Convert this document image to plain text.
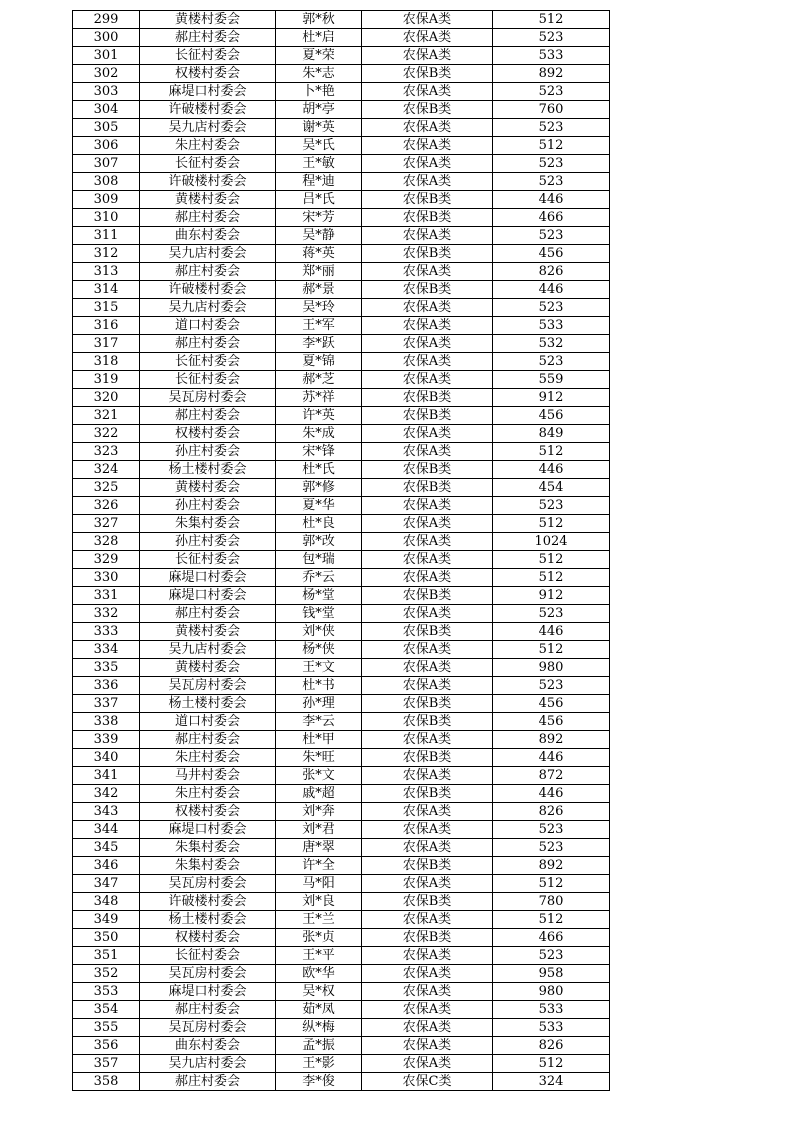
299	黄楼村委会	郭*秋	农保A类	512
300	郝庄村委会	杜*启	农保A类	523
301	长征村委会	夏*荣	农保A类	533
302	权楼村委会	朱*志	农保B类	892
303	麻堤口村委会	卜*艳	农保A类	523
304	许破楼村委会	胡*亭	农保B类	760
305	吴九店村委会	谢*英	农保A类	523
306	朱庄村委会	吴*氏	农保A类	512
307	长征村委会	王*敏	农保A类	523
308	许破楼村委会	程*迪	农保A类	523
309	黄楼村委会	吕*氏	农保B类	446
310	郝庄村委会	宋*芳	农保B类	466
311	曲东村委会	吴*静	农保A类	523
312	吴九店村委会	蒋*英	农保B类	456
313	郝庄村委会	郑*丽	农保A类	826
314	许破楼村委会	郝*景	农保B类	446
315	吴九店村委会	吴*玲	农保A类	523
316	道口村委会	王*军	农保A类	533
317	郝庄村委会	李*跃	农保A类	532
318	长征村委会	夏*锦	农保A类	523
319	长征村委会	郝*芝	农保A类	559
320	吴瓦房村委会	苏*祥	农保B类	912
321	郝庄村委会	许*英	农保B类	456
322	权楼村委会	朱*成	农保A类	849
323	孙庄村委会	宋*锋	农保A类	512
324	杨土楼村委会	杜*氏	农保B类	446
325	黄楼村委会	郭*修	农保B类	454
326	孙庄村委会	夏*华	农保A类	523
327	朱集村委会	杜*良	农保A类	512
328	孙庄村委会	郭*改	农保A类	1024
329	长征村委会	包*瑞	农保A类	512
330	麻堤口村委会	乔*云	农保A类	512
331	麻堤口村委会	杨*堂	农保B类	912
332	郝庄村委会	钱*堂	农保A类	523
333	黄楼村委会	刘*侠	农保B类	446
334	吴九店村委会	杨*侠	农保A类	512
335	黄楼村委会	王*文	农保A类	980
336	吴瓦房村委会	杜*书	农保A类	523
337	杨土楼村委会	孙*理	农保B类	456
338	道口村委会	李*云	农保B类	456
339	郝庄村委会	杜*甲	农保A类	892
340	朱庄村委会	朱*旺	农保B类	446
341	马井村委会	张*文	农保A类	872
342	朱庄村委会	戚*超	农保B类	446
343	权楼村委会	刘*奔	农保A类	826
344	麻堤口村委会	刘*君	农保A类	523
345	朱集村委会	唐*翠	农保A类	523
346	朱集村委会	许*全	农保B类	892
347	吴瓦房村委会	马*阳	农保A类	512
348	许破楼村委会	刘*良	农保B类	780
349	杨土楼村委会	王*兰	农保A类	512
350	权楼村委会	张*贞	农保B类	466
351	长征村委会	王*平	农保A类	523
352	吴瓦房村委会	欧*华	农保A类	958
353	麻堤口村委会	吴*权	农保A类	980
354	郝庄村委会	茹*凤	农保A类	533
355	吴瓦房村委会	纵*梅	农保A类	533
356	曲东村委会	孟*振	农保A类	826
357	吴九店村委会	王*影	农保A类	512
358	郝庄村委会	李*俊	农保C类	324
